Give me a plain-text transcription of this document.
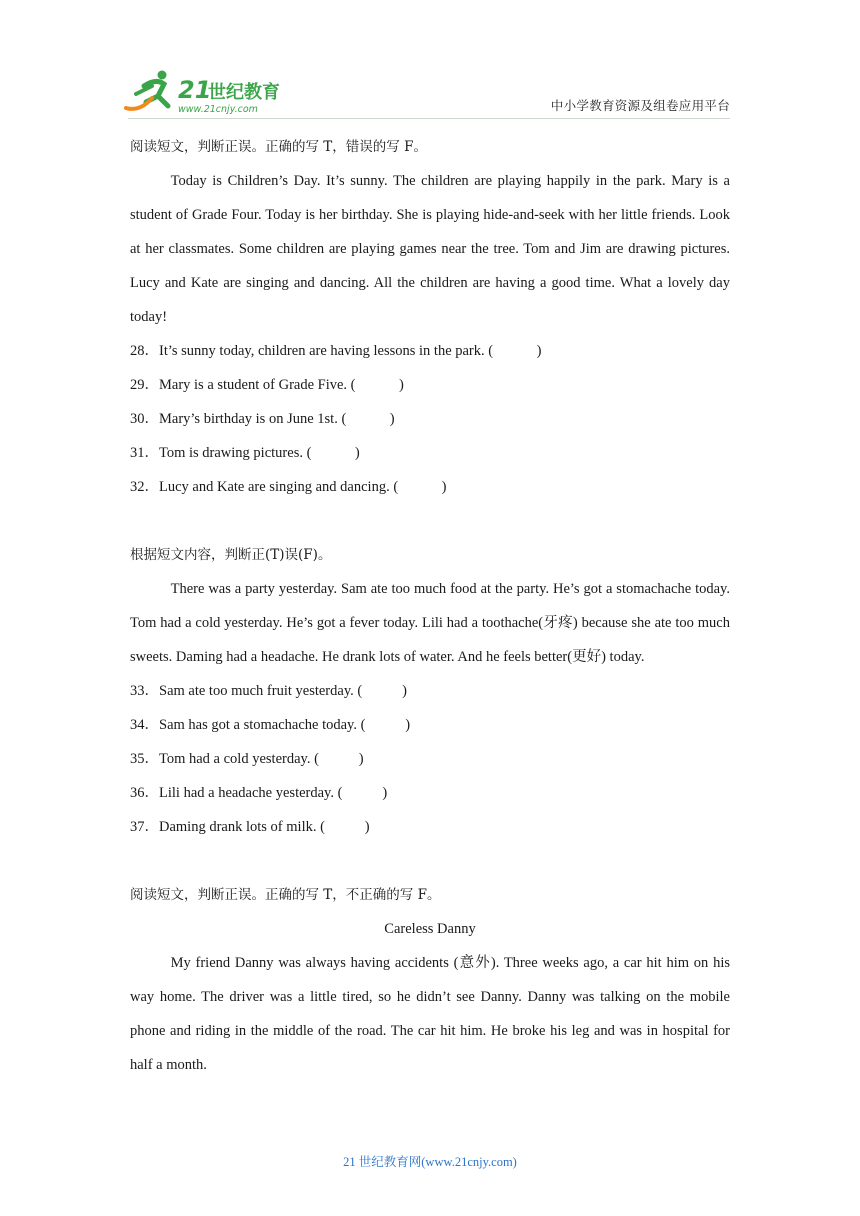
21
世纪教育
www.21cnjy.com	中小学教育资源及组卷应用平台

阅读短文，判断正误。正确的写 T，错误的写 F。

Today is Children’s Day. It’s sunny. The children are playing happily in the park. Mary is a student of Grade Four. Today is her birthday. She is playing hide-and-seek with her little friends. Look at her classmates. Some children are playing games near the tree. Tom and Jim are drawing pictures. Lucy and Kate are singing and dancing. All the children are having a good time. What a lovely day today!

28．It’s sunny today, children are having lessons in the park. (            )

29．Mary is a student of Grade Five. (            )

30．Mary’s birthday is on June 1st. (            )

31．Tom is drawing pictures. (            )

32．Lucy and Kate are singing and dancing. (            )

根据短文内容，判断正(T)误(F)。

There was a party yesterday. Sam ate too much food at the party. He’s got a stomachache today. Tom had a cold yesterday. He’s got a fever today. Lili had a toothache(牙疼) because she ate too much sweets. Daming had a headache. He drank lots of water. And he feels better(更好) today.

33．Sam ate too much fruit yesterday. (           )

34．Sam has got a stomachache today. (           )

35．Tom had a cold yesterday. (           )

36．Lili had a headache yesterday. (           )

37．Daming drank lots of milk. (           )

阅读短文，判断正误。正确的写 T，不正确的写 F。

Careless Danny

My friend Danny was always having accidents (意外). Three weeks ago, a car hit him on his way home. The driver was a little tired, so he didn’t see Danny. Danny was talking on the mobile phone and riding in the middle of the road. The car hit him. He broke his leg and was in hospital for half a month.

21 世纪教育网(www.21cnjy.com)
